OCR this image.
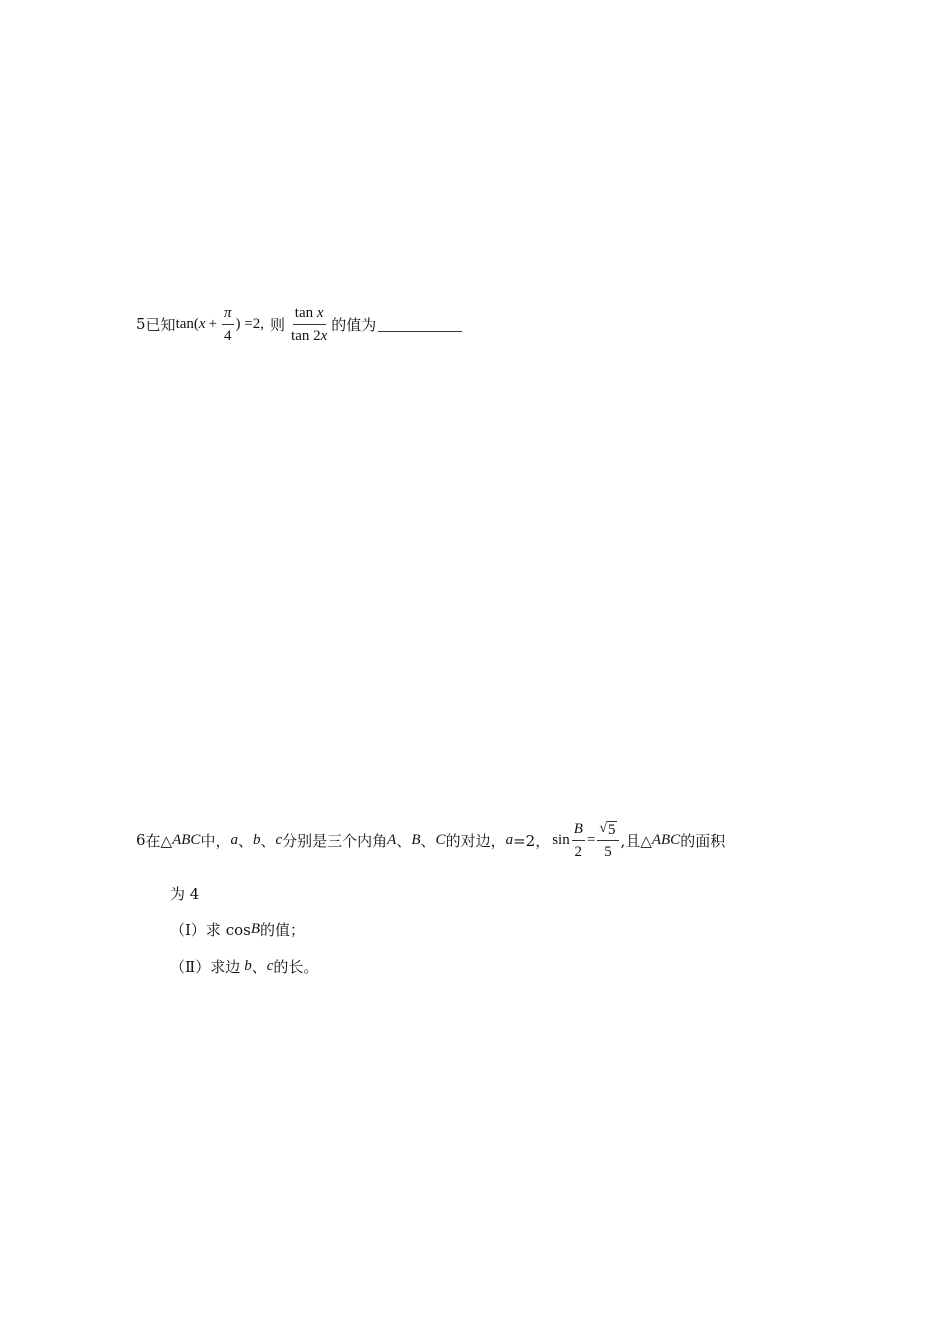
5 已知 tan( $x + \frac{\pi}{4}$ ) =2, 则 $\frac{\text{tan x}}{\tan 2x}$ 的值为
6 在△ ABC 中， a 、 b 、 c 分别是三个内角 A 、 B 、 C 的对边， a =2， $\sin \frac{B}{2} = \frac{√ 5}{5}$ ,且△ ABC 的面积
为 4
（Ⅰ）求 cos B 的值；
（Ⅱ）求边 b 、 c 的长。
